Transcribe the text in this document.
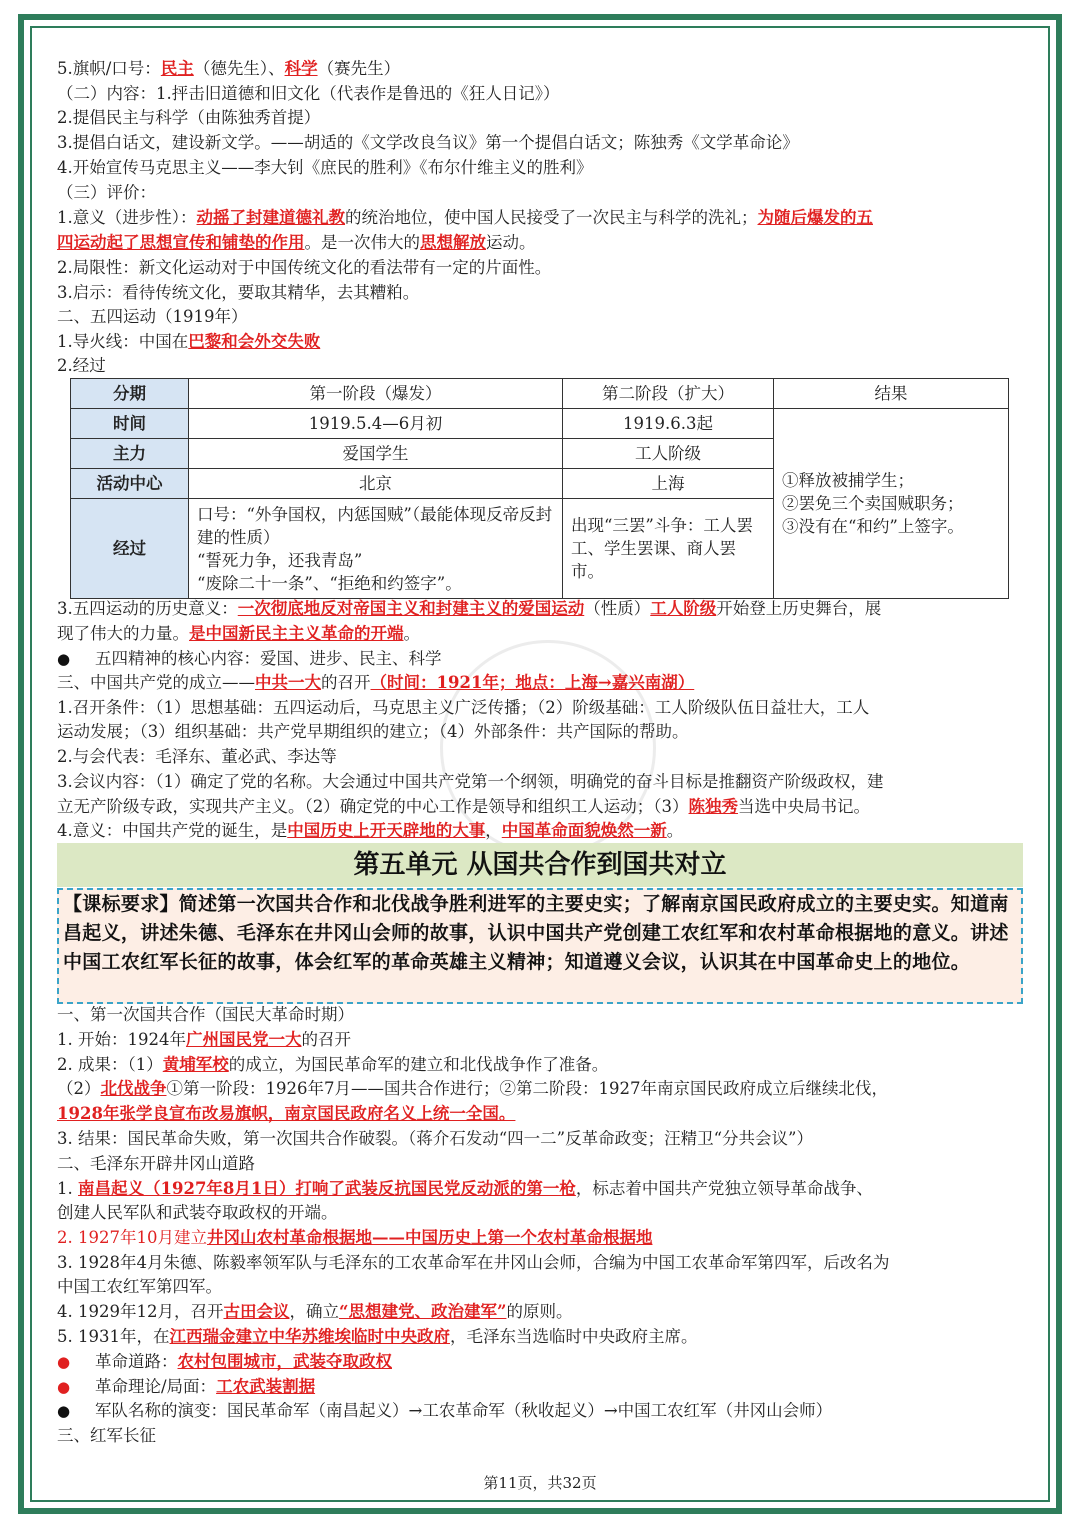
5.旗帜/口号：民主（德先生）、科学（赛先生）
（二）内容：1.抨击旧道德和旧文化（代表作是鲁迅的《狂人日记》）
2.提倡民主与科学（由陈独秀首提）
3.提倡白话文，建设新文学。——胡适的《文学改良刍议》第一个提倡白话文；陈独秀《文学革命论》
4.开始宣传马克思主义——李大钊《庶民的胜利》《布尔什维主义的胜利》
（三）评价：
1.意义（进步性）：动摇了封建道德礼教的统治地位，使中国人民接受了一次民主与科学的洗礼；为随后爆发的五
四运动起了思想宣传和铺垫的作用。是一次伟大的思想解放运动。
2.局限性：新文化运动对于中国传统文化的看法带有一定的片面性。
3.启示：看待传统文化，要取其精华，去其糟粕。
二、五四运动（1919年）
1.导火线：中国在巴黎和会外交失败
2.经过
分期	第一阶段（爆发）	第二阶段（扩大）	结果
时间	1919.5.4—6月初	1919.6.3起	①释放被捕学生；
②罢免三个卖国贼职务；
③没有在“和约”上签字。

主力	爱国学生	工人阶级	
活动中心	北京	上海	
经过	口号：“外争国权，内惩国贼”（最能体现反帝反封建的性质）
“誓死力争，还我青岛”
“废除二十一条”、“拒绝和约签字”。	出现“三罢”斗争：工人罢工、学生罢课、商人罢市。	
3.五四运动的历史意义：一次彻底地反对帝国主义和封建主义的爱国运动（性质）工人阶级开始登上历史舞台，展
现了伟大的力量。是中国新民主主义革命的开端。
● 五四精神的核心内容：爱国、进步、民主、科学
三、中国共产党的成立——中共一大的召开（时间：1921年；地点：上海→嘉兴南湖）
1.召开条件：（1）思想基础：五四运动后，马克思主义广泛传播；（2）阶级基础：工人阶级队伍日益壮大，工人
运动发展；（3）组织基础：共产党早期组织的建立；（4）外部条件：共产国际的帮助。
2.与会代表：毛泽东、董必武、李达等
3.会议内容：（1）确定了党的名称。大会通过中国共产党第一个纲领，明确党的奋斗目标是推翻资产阶级政权，建
立无产阶级专政，实现共产主义。（2）确定党的中心工作是领导和组织工人运动；（3）陈独秀当选中央局书记。
4.意义：中国共产党的诞生，是中国历史上开天辟地的大事，中国革命面貌焕然一新。
第五单元 从国共合作到国共对立
【课标要求】简述第一次国共合作和北伐战争胜利进军的主要史实；了解南京国民政府成立的主要史实。知道南昌起义，讲述朱德、毛泽东在井冈山会师的故事，认识中国共产党创建工农红军和农村革命根据地的意义。讲述中国工农红军长征的故事，体会红军的革命英雄主义精神；知道遵义会议，认识其在中国革命史上的地位。
一、第一次国共合作（国民大革命时期）
1. 开始：1924年广州国民党一大的召开
2. 成果：（1）黄埔军校的成立，为国民革命军的建立和北伐战争作了准备。
（2）北伐战争①第一阶段：1926年7月——国共合作进行；②第二阶段：1927年南京国民政府成立后继续北伐，
1928年张学良宣布改易旗帜，南京国民政府名义上统一全国。
3. 结果：国民革命失败，第一次国共合作破裂。（蒋介石发动“四一二”反革命政变；汪精卫“分共会议”）
二、毛泽东开辟井冈山道路
1. 南昌起义（1927年8月1日）打响了武装反抗国民党反动派的第一枪，标志着中国共产党独立领导革命战争、
创建人民军队和武装夺取政权的开端。
2. 1927年10月建立井冈山农村革命根据地——中国历史上第一个农村革命根据地
3. 1928年4月朱德、陈毅率领军队与毛泽东的工农革命军在井冈山会师，合编为中国工农革命军第四军，后改名为
中国工农红军第四军。
4. 1929年12月，召开古田会议，确立“思想建党、政治建军”的原则。
5. 1931年，在江西瑞金建立中华苏维埃临时中央政府，毛泽东当选临时中央政府主席。
● 革命道路：农村包围城市，武装夺取政权
● 革命理论/局面：工农武装割据
● 军队名称的演变：国民革命军（南昌起义）→工农革命军（秋收起义）→中国工农红军（井冈山会师）
三、红军长征
第11页，共32页
